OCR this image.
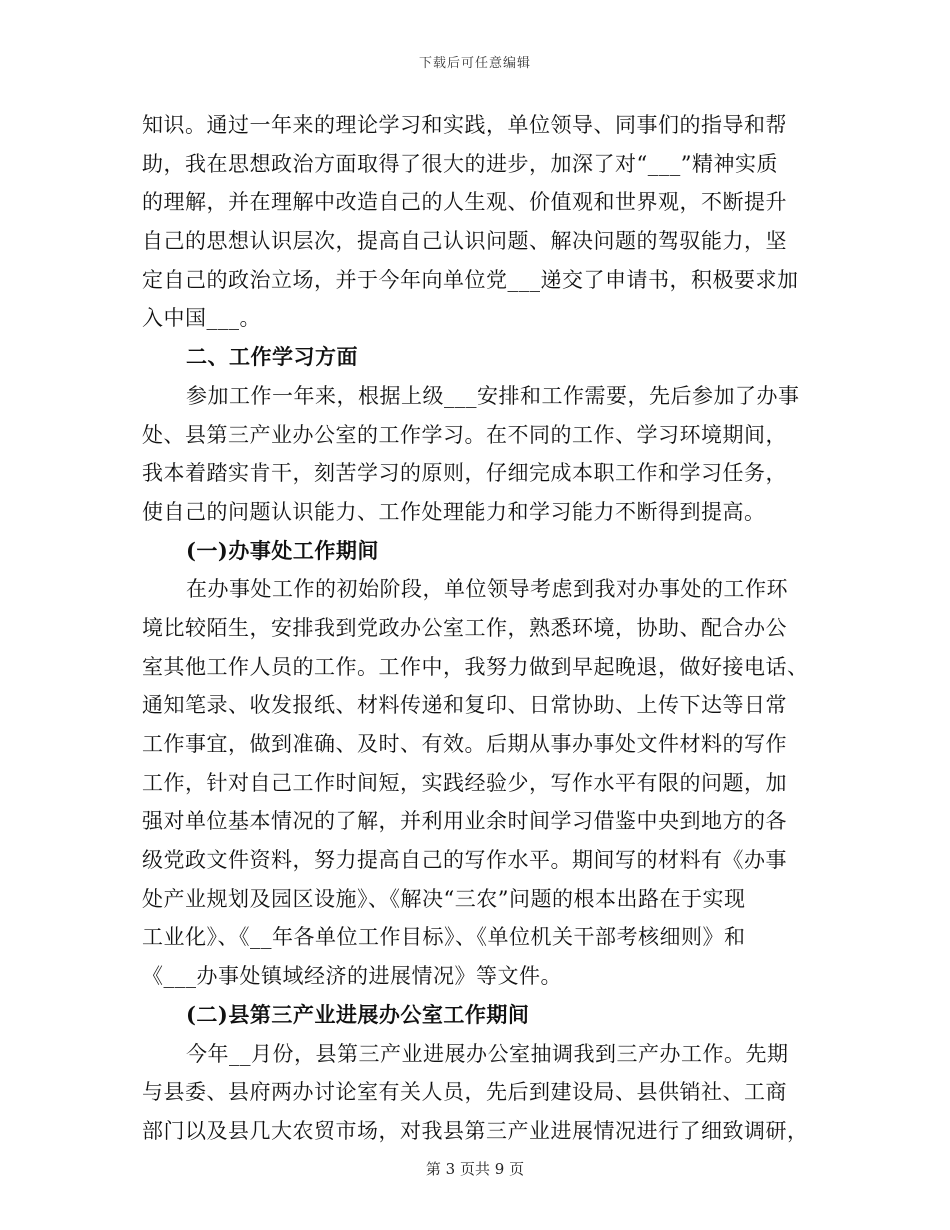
下载后可任意编辑
知识。通过一年来的理论学习和实践，单位领导、同事们的指导和帮
助，我在思想政治方面取得了很大的进步，加深了对“___”精神实质
的理解，并在理解中改造自己的人生观、价值观和世界观，不断提升
自己的思想认识层次，提高自己认识问题、解决问题的驾驭能力，坚
定自己的政治立场，并于今年向单位党___递交了申请书，积极要求加
入中国___。
二、工作学习方面
参加工作一年来，根据上级___安排和工作需要，先后参加了办事
处、县第三产业办公室的工作学习。在不同的工作、学习环境期间，
我本着踏实肯干，刻苦学习的原则，仔细完成本职工作和学习任务，
使自己的问题认识能力、工作处理能力和学习能力不断得到提高。
(一)办事处工作期间
在办事处工作的初始阶段，单位领导考虑到我对办事处的工作环
境比较陌生，安排我到党政办公室工作，熟悉环境，协助、配合办公
室其他工作人员的工作。工作中，我努力做到早起晚退，做好接电话、
通知笔录、收发报纸、材料传递和复印、日常协助、上传下达等日常
工作事宜，做到准确、及时、有效。后期从事办事处文件材料的写作
工作，针对自己工作时间短，实践经验少，写作水平有限的问题，加
强对单位基本情况的了解，并利用业余时间学习借鉴中央到地方的各
级党政文件资料，努力提高自己的写作水平。期间写的材料有《办事
处产业规划及园区设施》、《解决“三农”问题的根本出路在于实现
工业化》、《__年各单位工作目标》、《单位机关干部考核细则》和
《___办事处镇域经济的进展情况》等文件。
(二)县第三产业进展办公室工作期间
今年__月份，县第三产业进展办公室抽调我到三产办工作。先期
与县委、县府两办讨论室有关人员，先后到建设局、县供销社、工商
部门以及县几大农贸市场，对我县第三产业进展情况进行了细致调研，
第 3 页共 9 页
